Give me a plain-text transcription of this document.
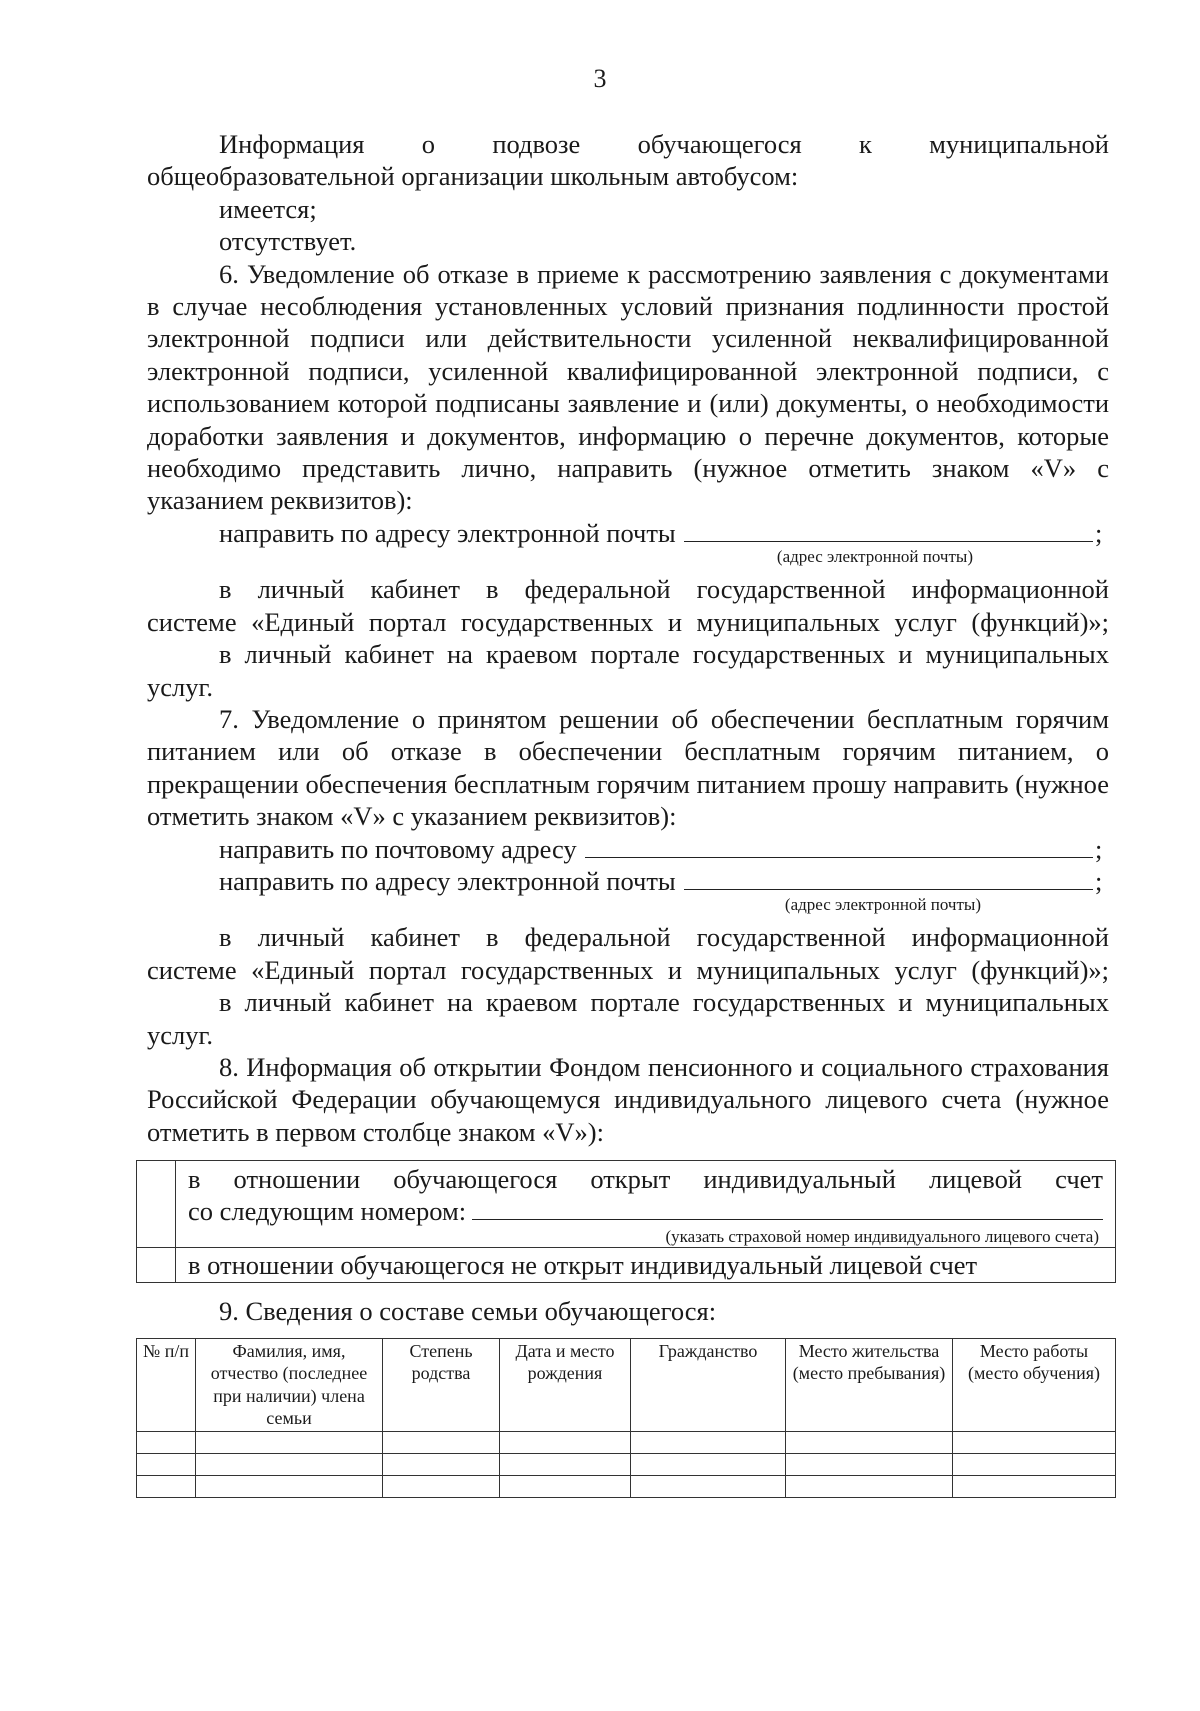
3

Информация о подвозе обучающегося к муниципальной

общеобразовательной организации школьным автобусом:

имеется;

отсутствует.

6. Уведомление об отказе в приеме к рассмотрению заявления с документами в случае несоблюдения установленных условий признания подлинности простой электронной подписи или действительности усиленной неквалифицированной электронной подписи, усиленной квалифицированной электронной подписи, с использованием которой подписаны заявление и (или) документы, о необходимости доработки заявления и документов, информацию о перечне документов, которые необходимо представить лично, направить (нужное отметить знаком «V» с указанием реквизитов):

направить по адресу электронной почты	;

(адрес электронной почты)

в личный кабинет в федеральной государственной информационной

системе «Единый портал государственных и муниципальных услуг (функций)»;

в личный кабинет на краевом портале государственных и муниципальных

услуг.

7. Уведомление о принятом решении об обеспечении бесплатным горячим питанием или об отказе в обеспечении бесплатным горячим питанием, о прекращении обеспечения бесплатным горячим питанием прошу направить (нужное отметить знаком «V» с указанием реквизитов):

направить по почтовому адресу	;
направить по адресу электронной почты	;

(адрес электронной почты)

в личный кабинет в федеральной государственной информационной

системе «Единый портал государственных и муниципальных услуг (функций)»;

в личный кабинет на краевом портале государственных и муниципальных

услуг.

8. Информация об открытии Фондом пенсионного и социального страхования Российской Федерации обучающемуся индивидуального лицевого счета (нужное отметить в первом столбце знаком «V»):

	в отношении обучающегося открыт индивидуальный лицевой счет
со следующим номером:
(указать страховой номер индивидуального лицевого счета)

	в отношении обучающегося не открыт индивидуальный лицевой счет

9. Сведения о составе семьи обучающегося:

№ п/п	Фамилия, имя, отчество (последнее при наличии) члена семьи	Степень родства	Дата и место рождения	Гражданство	Место жительства (место пребывания)	Место работы (место обучения)
